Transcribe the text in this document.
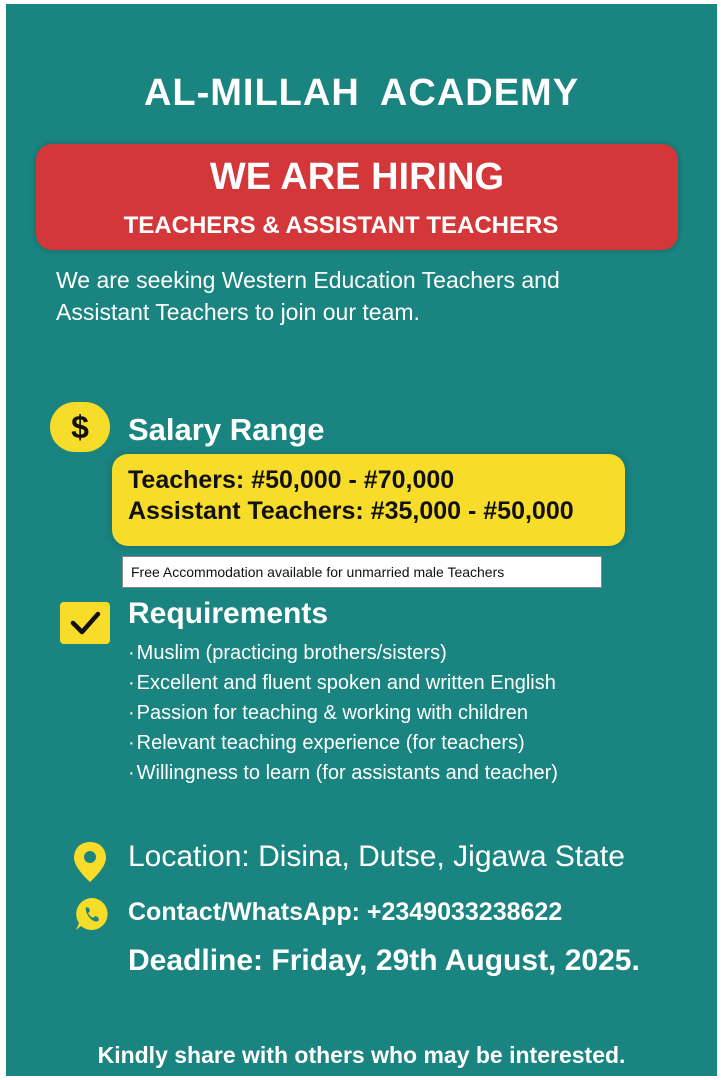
AL-MILLAH ACADEMY
WE ARE HIRING
TEACHERS & ASSISTANT TEACHERS
We are seeking Western Education Teachers and
Assistant Teachers to join our team.
$	Salary Range
Teachers: #50,000 - #70,000
Assistant Teachers: #35,000 - #50,000
Free Accommodation available for unmarried male Teachers
Requirements
· Muslim (practicing brothers/sisters)
· Excellent and fluent spoken and written English
· Passion for teaching & working with children
· Relevant teaching experience (for teachers)
· Willingness to learn (for assistants and teacher)
Location: Disina, Dutse, Jigawa State
Contact/WhatsApp: +2349033238622
Deadline: Friday, 29th August, 2025.
Kindly share with others who may be interested.
